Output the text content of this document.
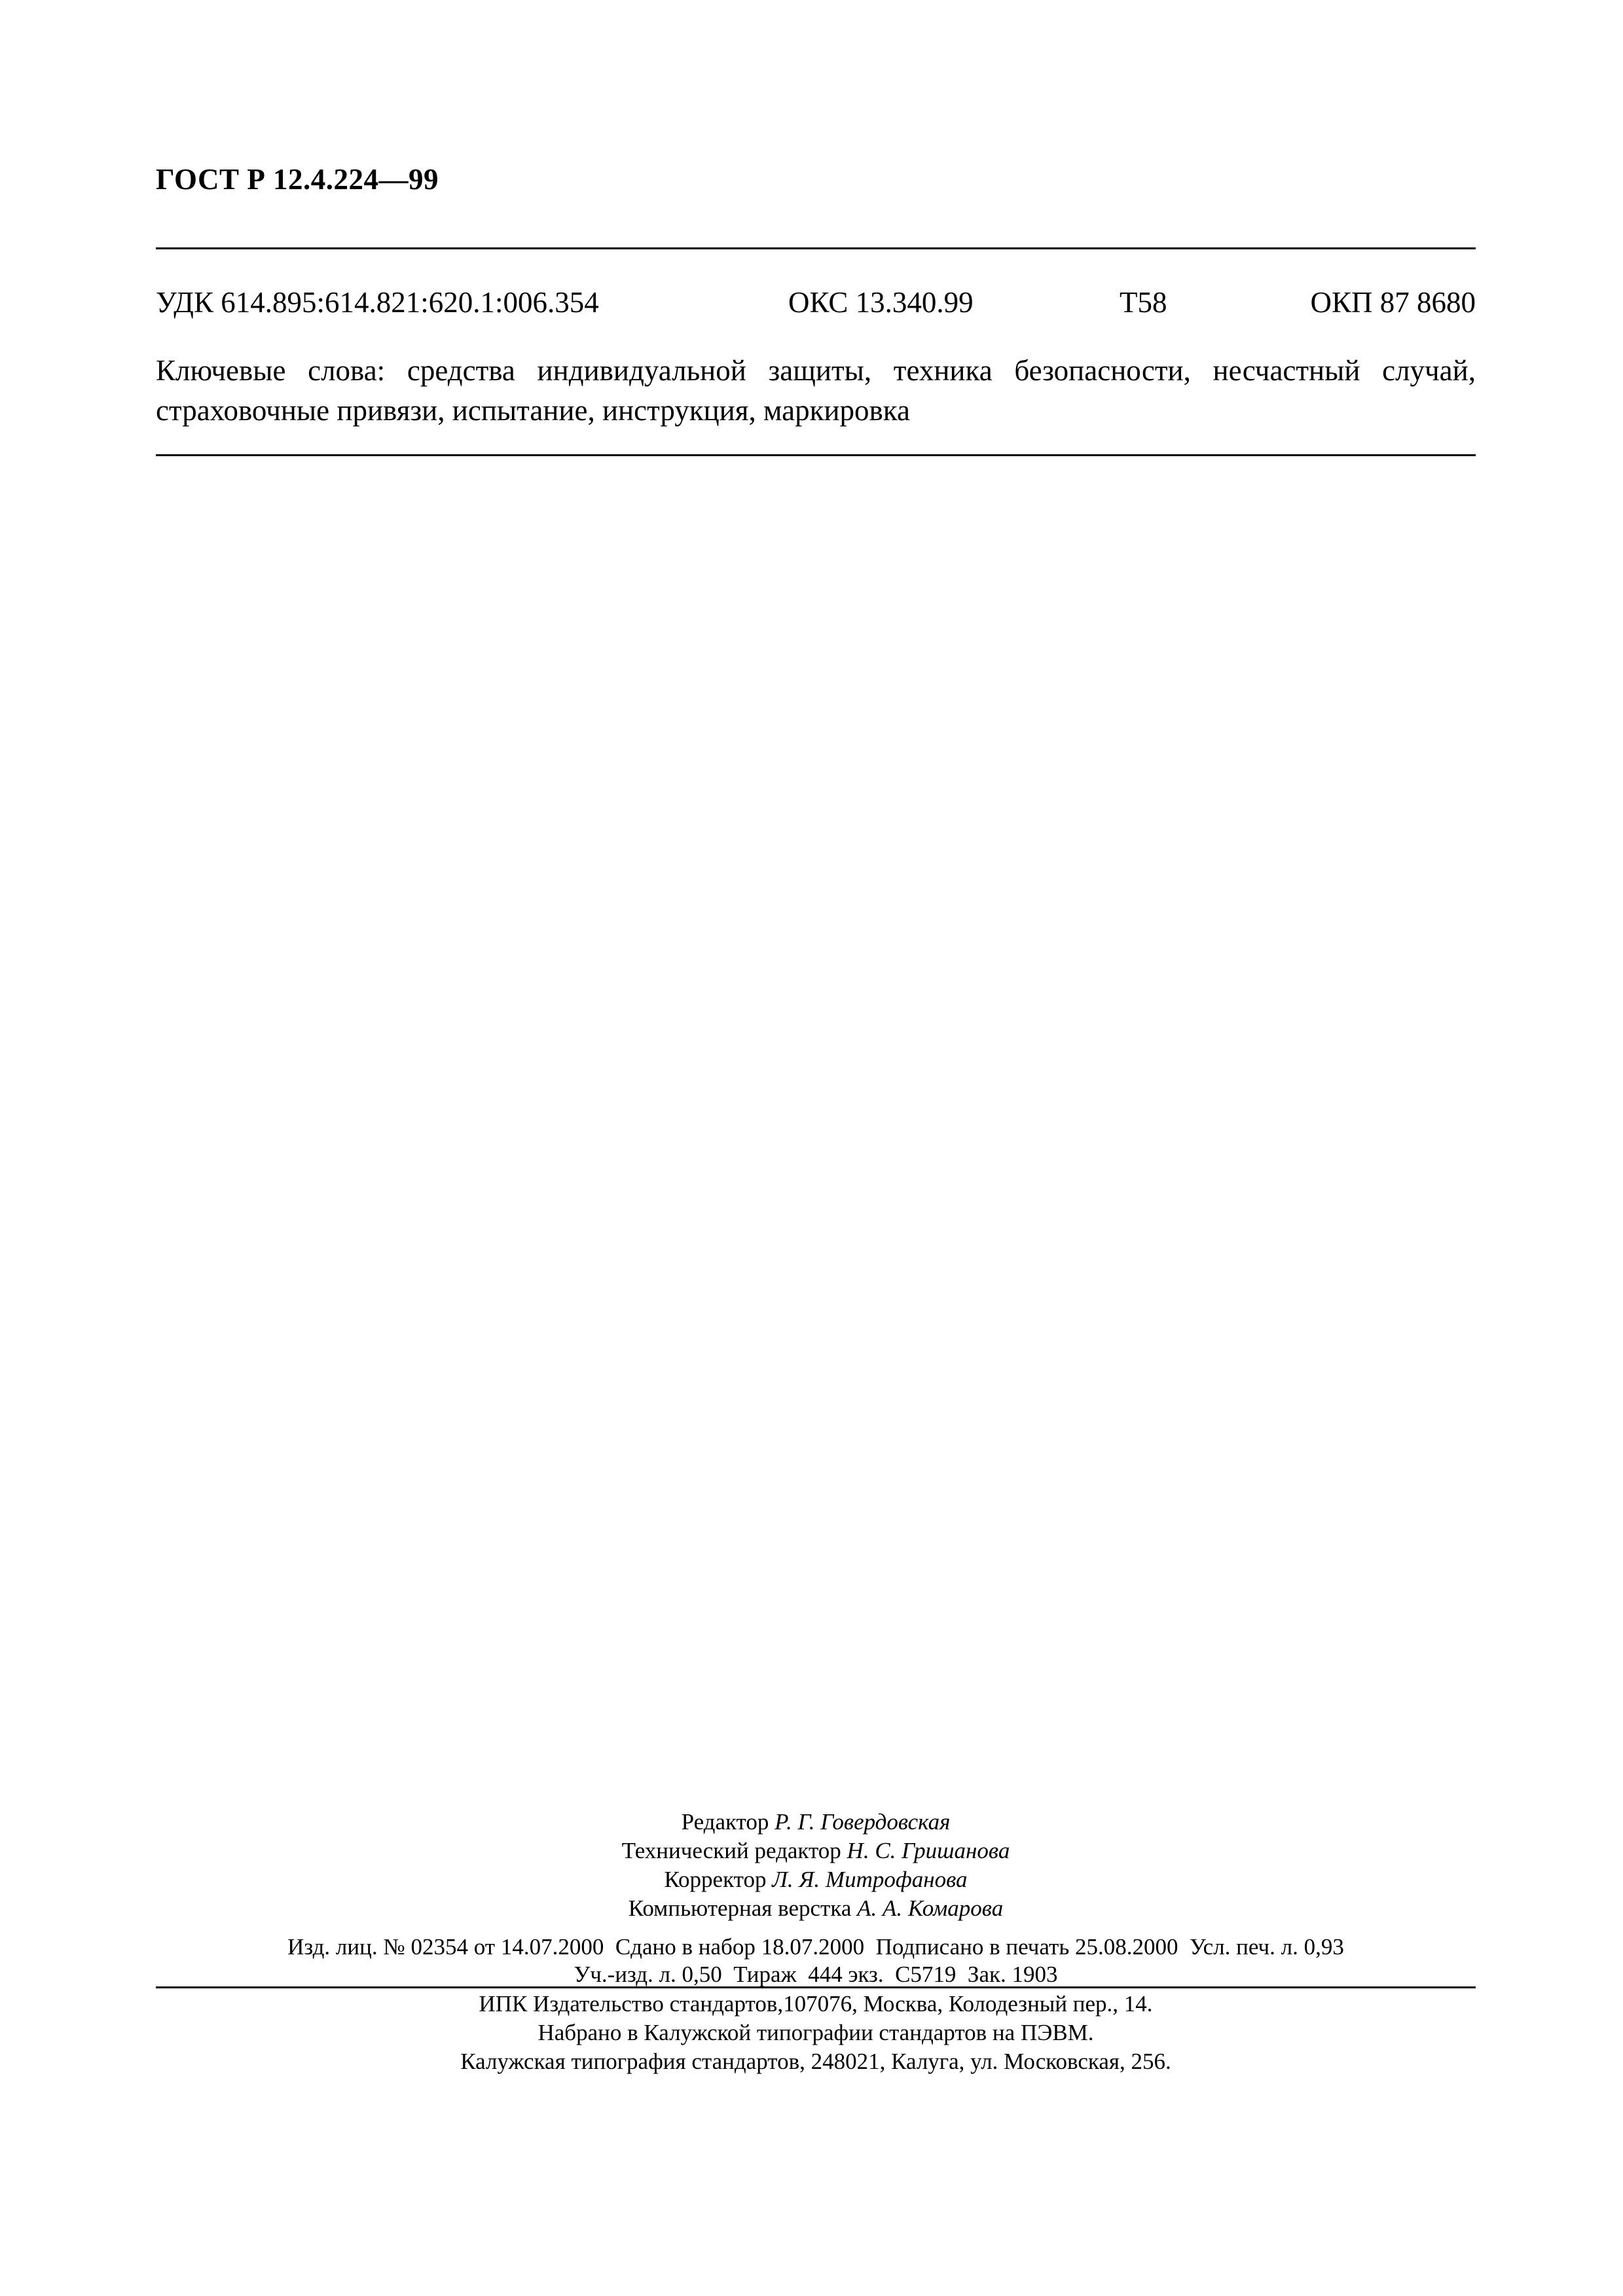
ГОСТ Р 12.4.224—99
УДК 614.895:614.821:620.1:006.354	ОКС 13.340.99	Т58	ОКП 87 8680

Ключевые слова: средства индивидуальной защиты, техника безопасности, несчастный случай, страховочные привязи, испытание, инструкция, маркировка

Редактор Р. Г. Говердовская
Технический редактор Н. С. Гришанова
Корректор Л. Я. Митрофанова
Компьютерная верстка А. А. Комарова
Изд. лиц. № 02354 от 14.07.2000  Сдано в набор 18.07.2000  Подписано в печать 25.08.2000  Усл. печ. л. 0,93
Уч.-изд. л. 0,50  Тираж  444 экз.  С5719  Зак. 1903
ИПК Издательство стандартов,107076, Москва, Колодезный пер., 14.
Набрано в Калужской типографии стандартов на ПЭВМ.
Калужская типография стандартов, 248021, Калуга, ул. Московская, 256.
